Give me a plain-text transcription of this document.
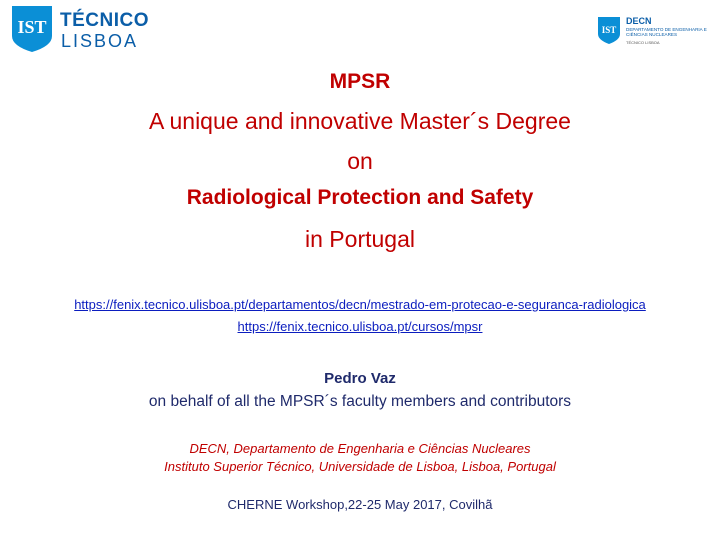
IST TÉCNICO
LISBOA
IST
DECN
DEPARTAMENTO DE ENGENHARIA E CIÊNCIAS NUCLEARES
TÉCNICO LISBOA
MPSR
A unique and innovative Master´s Degree
on
Radiological Protection and Safety
in Portugal
https://fenix.tecnico.ulisboa.pt/departamentos/decn/mestrado-em-protecao-e-seguranca-radiologica
https://fenix.tecnico.ulisboa.pt/cursos/mpsr
Pedro Vaz
on behalf of all the MPSR´s faculty members and contributors
DECN, Departamento de Engenharia e Ciências Nucleares
Instituto Superior Técnico, Universidade de Lisboa, Lisboa, Portugal
CHERNE Workshop,22-25 May 2017, Covilhã
